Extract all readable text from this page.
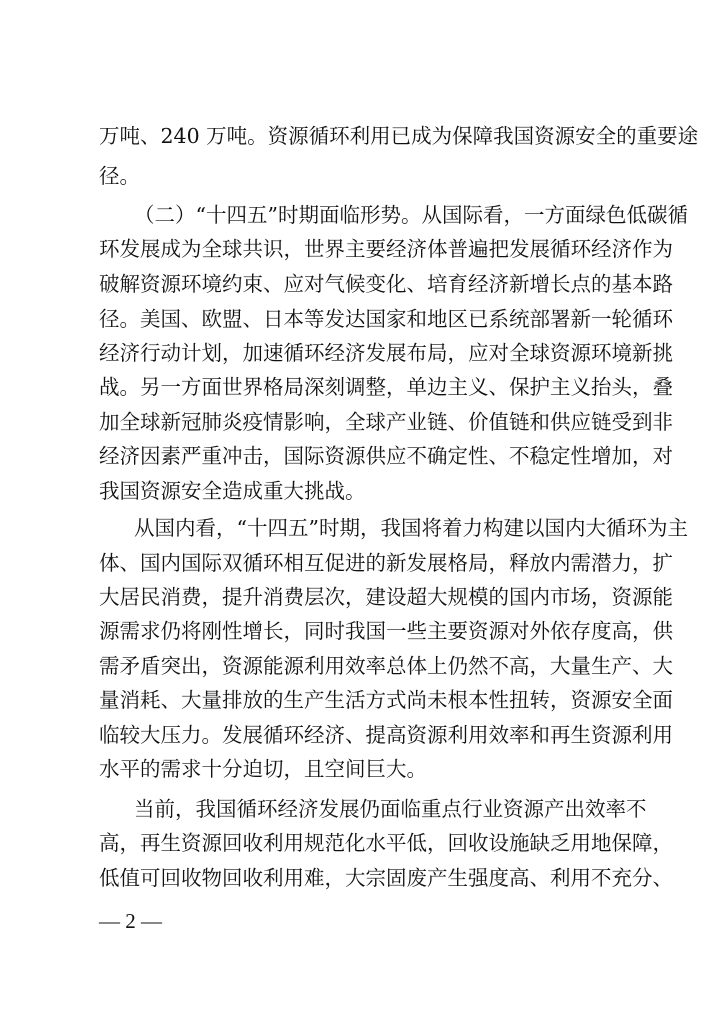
万吨、240 万吨。资源循环利用已成为保障我国资源安全的重要途
径。
（二）“十四五”时期面临形势。从国际看，一方面绿色低碳循
环发展成为全球共识，世界主要经济体普遍把发展循环经济作为
破解资源环境约束、应对气候变化、培育经济新增长点的基本路
径。美国、欧盟、日本等发达国家和地区已系统部署新一轮循环
经济行动计划，加速循环经济发展布局，应对全球资源环境新挑
战。另一方面世界格局深刻调整，单边主义、保护主义抬头，叠
加全球新冠肺炎疫情影响，全球产业链、价值链和供应链受到非
经济因素严重冲击，国际资源供应不确定性、不稳定性增加，对
我国资源安全造成重大挑战。
从国内看，“十四五”时期，我国将着力构建以国内大循环为主
体、国内国际双循环相互促进的新发展格局，释放内需潜力，扩
大居民消费，提升消费层次，建设超大规模的国内市场，资源能
源需求仍将刚性增长，同时我国一些主要资源对外依存度高，供
需矛盾突出，资源能源利用效率总体上仍然不高，大量生产、大
量消耗、大量排放的生产生活方式尚未根本性扭转，资源安全面
临较大压力。发展循环经济、提高资源利用效率和再生资源利用
水平的需求十分迫切，且空间巨大。
当前，我国循环经济发展仍面临重点行业资源产出效率不
高，再生资源回收利用规范化水平低，回收设施缺乏用地保障，
低值可回收物回收利用难，大宗固废产生强度高、利用不充分、
— 2 —
